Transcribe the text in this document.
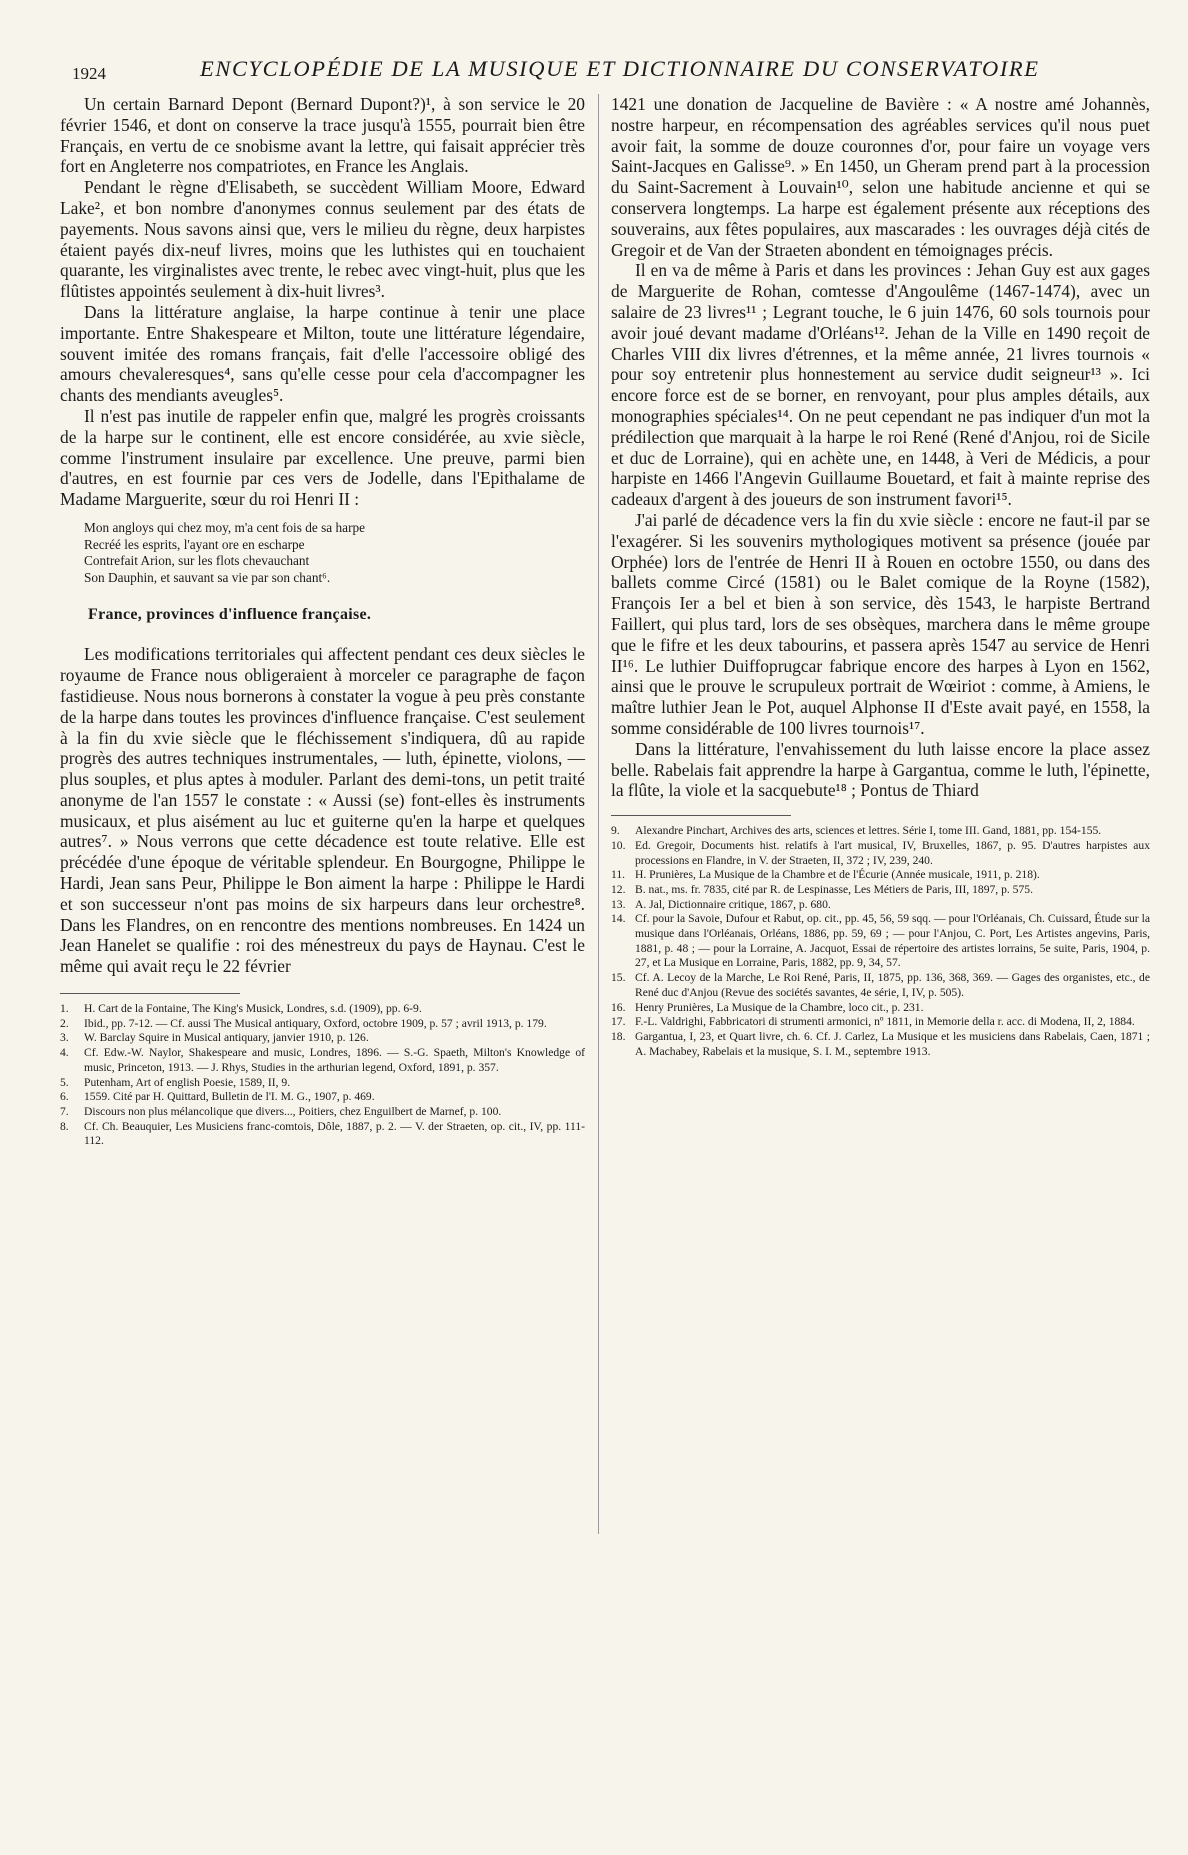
1924	ENCYCLOPÉDIE DE LA MUSIQUE ET DICTIONNAIRE DU CONSERVATOIRE

Un certain Barnard Depont (Bernard Dupont?)¹, à son service le 20 février 1546, et dont on conserve la trace jusqu'à 1555, pourrait bien être Français, en vertu de ce snobisme avant la lettre, qui faisait apprécier très fort en Angleterre nos compatriotes, en France les Anglais.

Pendant le règne d'Elisabeth, se succèdent William Moore, Edward Lake², et bon nombre d'anonymes connus seulement par des états de payements. Nous savons ainsi que, vers le milieu du règne, deux harpistes étaient payés dix-neuf livres, moins que les luthistes qui en touchaient quarante, les virginalistes avec trente, le rebec avec vingt-huit, plus que les flûtistes appointés seulement à dix-huit livres³.

Dans la littérature anglaise, la harpe continue à tenir une place importante. Entre Shakespeare et Milton, toute une littérature légendaire, souvent imitée des romans français, fait d'elle l'accessoire obligé des amours chevaleresques⁴, sans qu'elle cesse pour cela d'accompagner les chants des mendiants aveugles⁵.

Il n'est pas inutile de rappeler enfin que, malgré les progrès croissants de la harpe sur le continent, elle est encore considérée, au xvie siècle, comme l'instrument insulaire par excellence. Une preuve, parmi bien d'autres, en est fournie par ces vers de Jodelle, dans l'Epithalame de Madame Marguerite, sœur du roi Henri II :

Mon angloys qui chez moy, m'a cent fois de sa harpe
Recréé les esprits, l'ayant ore en escharpe
Contrefait Arion, sur les flots chevauchant
Son Dauphin, et sauvant sa vie par son chant⁶.
France, provinces d'influence française.

Les modifications territoriales qui affectent pendant ces deux siècles le royaume de France nous obligeraient à morceler ce paragraphe de façon fastidieuse. Nous nous bornerons à constater la vogue à peu près constante de la harpe dans toutes les provinces d'influence française. C'est seulement à la fin du xvie siècle que le fléchissement s'indiquera, dû au rapide progrès des autres techniques instrumentales, — luth, épinette, violons, — plus souples, et plus aptes à moduler. Parlant des demi-tons, un petit traité anonyme de l'an 1557 le constate : « Aussi (se) font-elles ès instruments musicaux, et plus aisément au luc et guiterne qu'en la harpe et quelques autres⁷. » Nous verrons que cette décadence est toute relative. Elle est précédée d'une époque de véritable splendeur. En Bourgogne, Philippe le Hardi, Jean sans Peur, Philippe le Bon aiment la harpe : Philippe le Hardi et son successeur n'ont pas moins de six harpeurs dans leur orchestre⁸. Dans les Flandres, on en rencontre des mentions nombreuses. En 1424 un Jean Hanelet se qualifie : roi des ménestreux du pays de Haynau. C'est le même qui avait reçu le 22 février

1. H. Cart de la Fontaine, The King's Musick, Londres, s.d. (1909), pp. 6-9.
2. Ibid., pp. 7-12. — Cf. aussi The Musical antiquary, Oxford, octobre 1909, p. 57 ; avril 1913, p. 179.
3. W. Barclay Squire in Musical antiquary, janvier 1910, p. 126.
4. Cf. Edw.-W. Naylor, Shakespeare and music, Londres, 1896. — S.-G. Spaeth, Milton's Knowledge of music, Princeton, 1913. — J. Rhys, Studies in the arthurian legend, Oxford, 1891, p. 357.
5. Putenham, Art of english Poesie, 1589, II, 9.
6. 1559. Cité par H. Quittard, Bulletin de l'I. M. G., 1907, p. 469.
7. Discours non plus mélancolique que divers..., Poitiers, chez Enguilbert de Marnef, p. 100.
8. Cf. Ch. Beauquier, Les Musiciens franc-comtois, Dôle, 1887, p. 2. — V. der Straeten, op. cit., IV, pp. 111-112.

1421 une donation de Jacqueline de Bavière : « A nostre amé Johannès, nostre harpeur, en récompensation des agréables services qu'il nous puet avoir fait, la somme de douze couronnes d'or, pour faire un voyage vers Saint-Jacques en Galisse⁹. » En 1450, un Gheram prend part à la procession du Saint-Sacrement à Louvain¹⁰, selon une habitude ancienne et qui se conservera longtemps. La harpe est également présente aux réceptions des souverains, aux fêtes populaires, aux mascarades : les ouvrages déjà cités de Gregoir et de Van der Straeten abondent en témoignages précis.

Il en va de même à Paris et dans les provinces : Jehan Guy est aux gages de Marguerite de Rohan, comtesse d'Angoulême (1467-1474), avec un salaire de 23 livres¹¹ ; Legrant touche, le 6 juin 1476, 60 sols tournois pour avoir joué devant madame d'Orléans¹². Jehan de la Ville en 1490 reçoit de Charles VIII dix livres d'étrennes, et la même année, 21 livres tournois « pour soy entretenir plus honnestement au service dudit seigneur¹³ ». Ici encore force est de se borner, en renvoyant, pour plus amples détails, aux monographies spéciales¹⁴. On ne peut cependant ne pas indiquer d'un mot la prédilection que marquait à la harpe le roi René (René d'Anjou, roi de Sicile et duc de Lorraine), qui en achète une, en 1448, à Veri de Médicis, a pour harpiste en 1466 l'Angevin Guillaume Bouetard, et fait à mainte reprise des cadeaux d'argent à des joueurs de son instrument favori¹⁵.

J'ai parlé de décadence vers la fin du xvie siècle : encore ne faut-il par se l'exagérer. Si les souvenirs mythologiques motivent sa présence (jouée par Orphée) lors de l'entrée de Henri II à Rouen en octobre 1550, ou dans des ballets comme Circé (1581) ou le Balet comique de la Royne (1582), François Ier a bel et bien à son service, dès 1543, le harpiste Bertrand Faillert, qui plus tard, lors de ses obsèques, marchera dans le même groupe que le fifre et les deux tabourins, et passera après 1547 au service de Henri II¹⁶. Le luthier Duiffoprugcar fabrique encore des harpes à Lyon en 1562, ainsi que le prouve le scrupuleux portrait de Wœiriot : comme, à Amiens, le maître luthier Jean le Pot, auquel Alphonse II d'Este avait payé, en 1558, la somme considérable de 100 livres tournois¹⁷.

Dans la littérature, l'envahissement du luth laisse encore la place assez belle. Rabelais fait apprendre la harpe à Gargantua, comme le luth, l'épinette, la flûte, la viole et la sacquebute¹⁸ ; Pontus de Thiard

9. Alexandre Pinchart, Archives des arts, sciences et lettres. Série I, tome III. Gand, 1881, pp. 154-155.
10. Ed. Gregoir, Documents hist. relatifs à l'art musical, IV, Bruxelles, 1867, p. 95. D'autres harpistes aux processions en Flandre, in V. der Straeten, II, 372 ; IV, 239, 240.
11. H. Prunières, La Musique de la Chambre et de l'Écurie (Année musicale, 1911, p. 218).
12. B. nat., ms. fr. 7835, cité par R. de Lespinasse, Les Métiers de Paris, III, 1897, p. 575.
13. A. Jal, Dictionnaire critique, 1867, p. 680.
14. Cf. pour la Savoie, Dufour et Rabut, op. cit., pp. 45, 56, 59 sqq. — pour l'Orléanais, Ch. Cuissard, Étude sur la musique dans l'Orléanais, Orléans, 1886, pp. 59, 69 ; — pour l'Anjou, C. Port, Les Artistes angevins, Paris, 1881, p. 48 ; — pour la Lorraine, A. Jacquot, Essai de répertoire des artistes lorrains, 5e suite, Paris, 1904, p. 27, et La Musique en Lorraine, Paris, 1882, pp. 9, 34, 57.
15. Cf. A. Lecoy de la Marche, Le Roi René, Paris, II, 1875, pp. 136, 368, 369. — Gages des organistes, etc., de René duc d'Anjou (Revue des sociétés savantes, 4e série, I, IV, p. 505).
16. Henry Prunières, La Musique de la Chambre, loco cit., p. 231.
17. F.-L. Valdrighi, Fabbricatori di strumenti armonici, nº 1811, in Memorie della r. acc. di Modena, II, 2, 1884.
18. Gargantua, I, 23, et Quart livre, ch. 6. Cf. J. Carlez, La Musique et les musiciens dans Rabelais, Caen, 1871 ; A. Machabey, Rabelais et la musique, S. I. M., septembre 1913.
